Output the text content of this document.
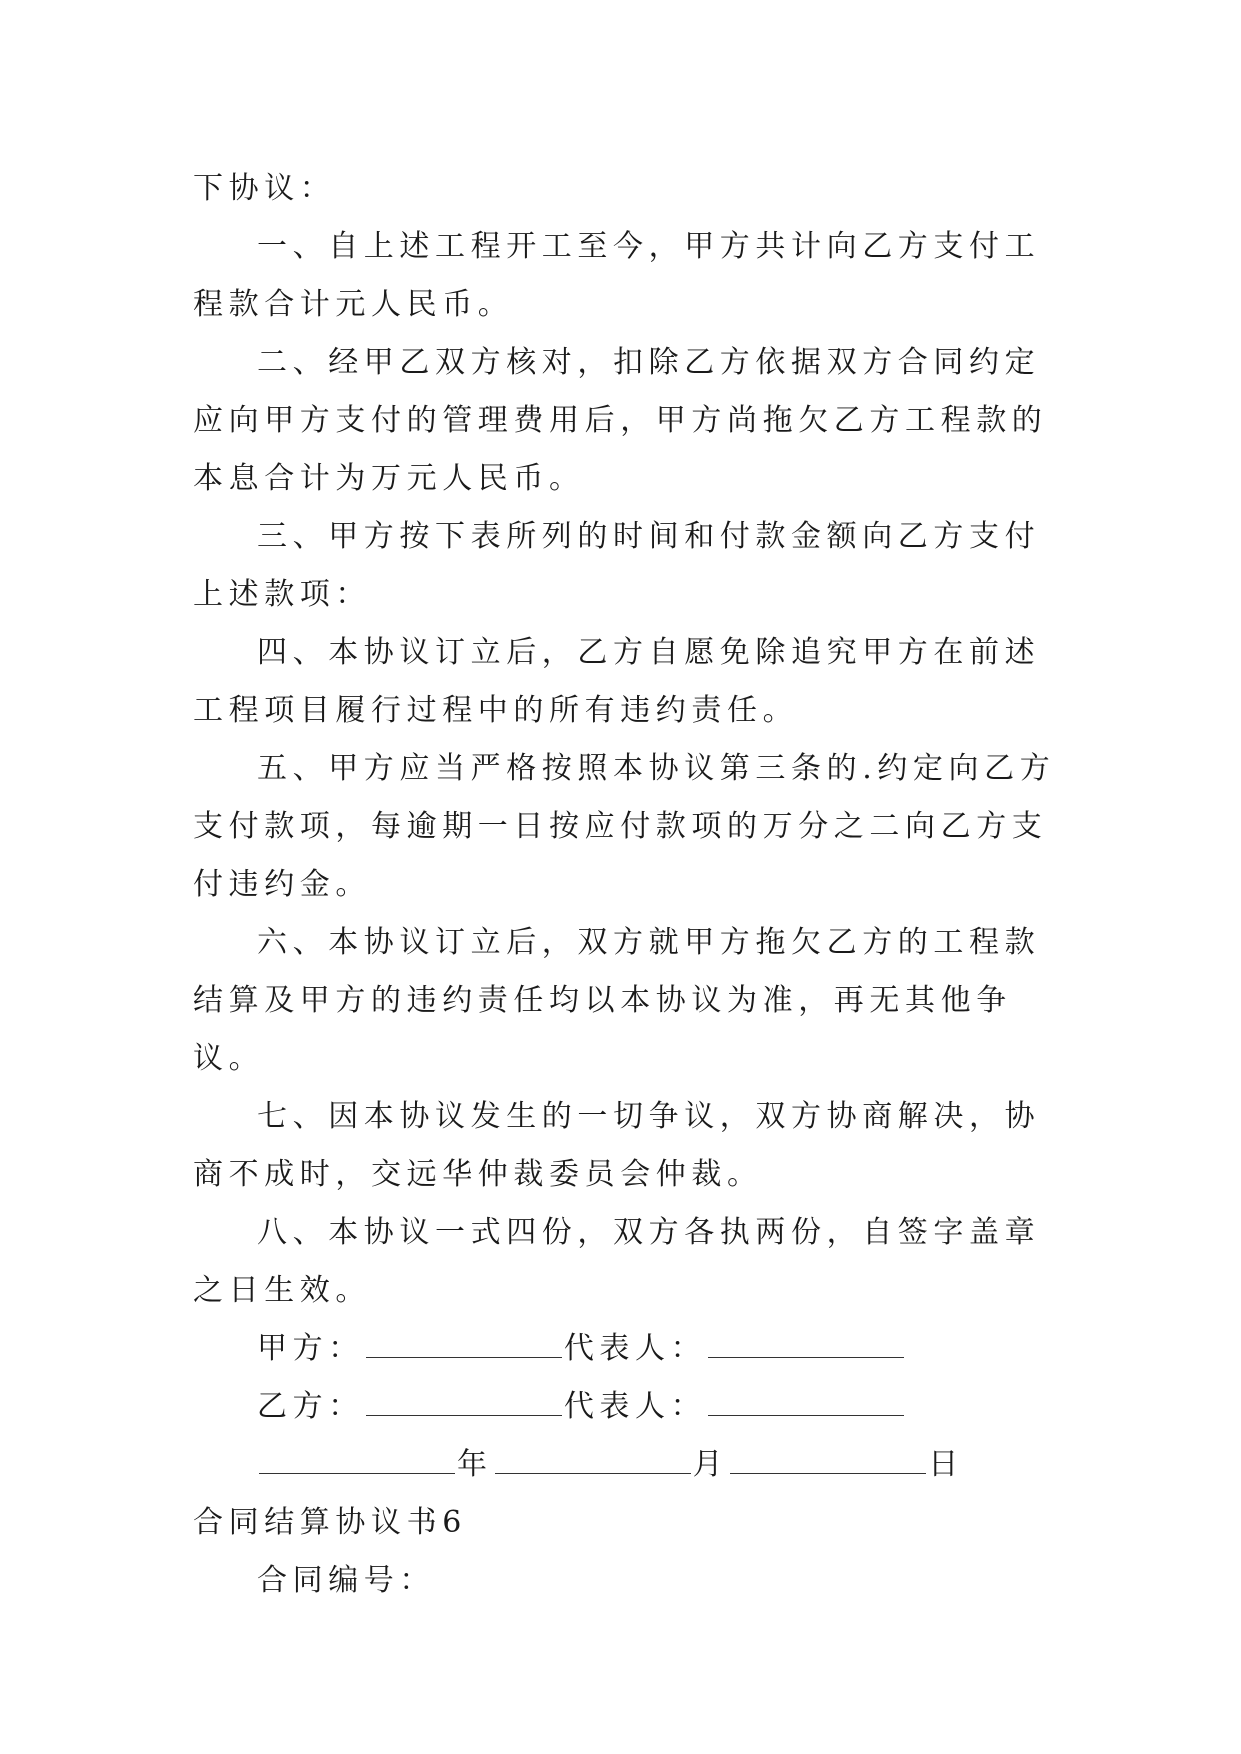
下协议：

一、自上述工程开工至今，甲方共计向乙方支付工程款合计元人民币。

二、经甲乙双方核对，扣除乙方依据双方合同约定应向甲方支付的管理费用后，甲方尚拖欠乙方工程款的本息合计为万元人民币。

三、甲方按下表所列的时间和付款金额向乙方支付上述款项：

四、本协议订立后，乙方自愿免除追究甲方在前述工程项目履行过程中的所有违约责任。

五、甲方应当严格按照本协议第三条的.约定向乙方支付款项，每逾期一日按应付款项的万分之二向乙方支付违约金。

六、本协议订立后，双方就甲方拖欠乙方的工程款结算及甲方的违约责任均以本协议为准，再无其他争议。

七、因本协议发生的一切争议，双方协商解决，协商不成时，交远华仲裁委员会仲裁。

八、本协议一式四份，双方各执两份，自签字盖章之日生效。

甲方：	代表人：

乙方：	代表人：

年	月	日

合同结算协议书6

合同编号：
